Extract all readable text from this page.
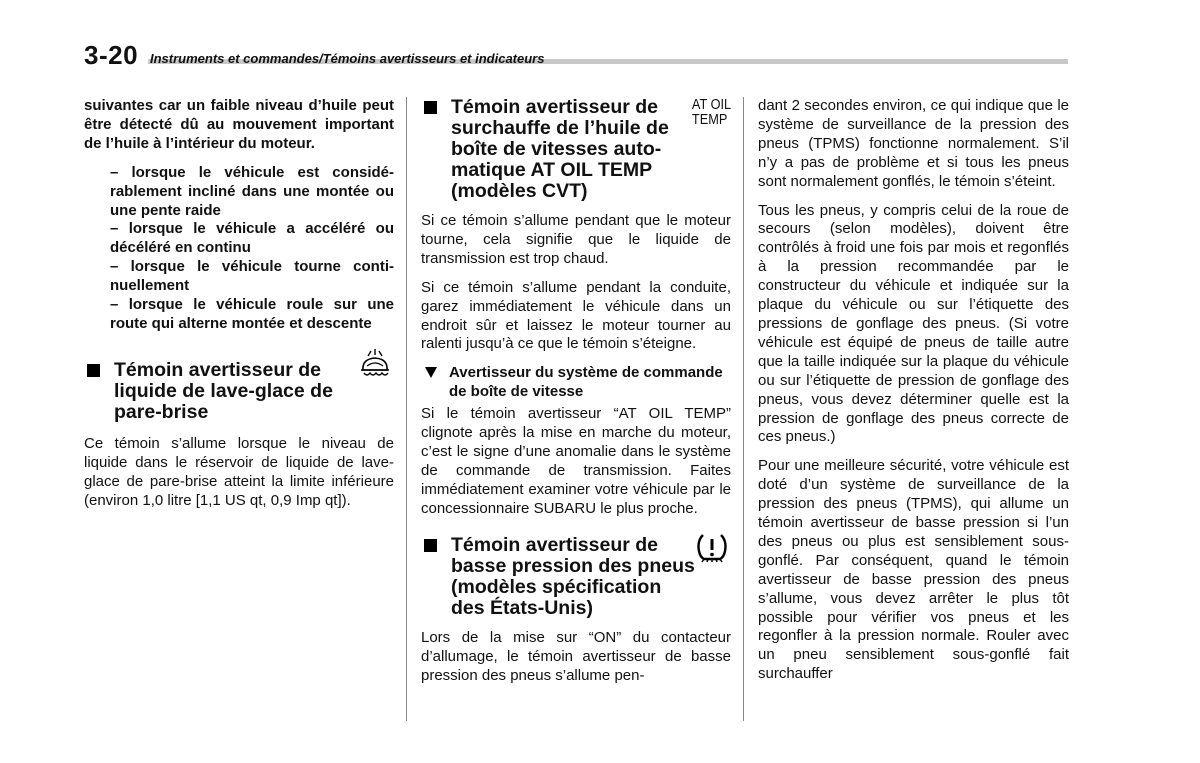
3-20 Instruments et commandes/Témoins avertisseurs et indicateurs

suivantes car un faible niveau d’huile peut être détecté dû au mouvement important de l’huile à l’intérieur du moteur.

– lorsque le véhicule est considérablement incliné dans une montée ou une pente raide
– lorsque le véhicule a accéléré ou décéléré en continu
– lorsque le véhicule tourne continuellement
– lorsque le véhicule roule sur une route qui alterne montée et descente
Témoin avertisseur de liquide de lave-glace de pare-brise

Ce témoin s’allume lorsque le niveau de liquide dans le réservoir de liquide de lave-glace de pare-brise atteint la limite inférieure (environ 1,0 litre [1,1 US qt, 0,9 Imp qt]).

Témoin avertisseur de surchauffe de l’huile de boîte de vitesses automatique AT OIL TEMP (modèles CVT)
AT OIL
TEMP

Si ce témoin s’allume pendant que le moteur tourne, cela signifie que le liquide de transmission est trop chaud.

Si ce témoin s’allume pendant la conduite, garez immédiatement le véhicule dans un endroit sûr et laissez le moteur tourner au ralenti jusqu’à ce que le témoin s’éteigne.

Avertisseur du système de commande de boîte de vitesse

Si le témoin avertisseur “AT OIL TEMP” clignote après la mise en marche du moteur, c’est le signe d’une anomalie dans le système de commande de transmission. Faites immédiatement examiner votre véhicule par le concessionnaire SUBARU le plus proche.

Témoin avertisseur de basse pression des pneus (modèles spécification des États-Unis)

Lors de la mise sur “ON” du contacteur d’allumage, le témoin avertisseur de basse pression des pneus s’allume pen-

dant 2 secondes environ, ce qui indique que le système de surveillance de la pression des pneus (TPMS) fonctionne normalement. S’il n’y a pas de problème et si tous les pneus sont normalement gonflés, le témoin s’éteint.

Tous les pneus, y compris celui de la roue de secours (selon modèles), doivent être contrôlés à froid une fois par mois et regonflés à la pression recommandée par le constructeur du véhicule et indiquée sur la plaque du véhicule ou sur l’étiquette des pressions de gonflage des pneus. (Si votre véhicule est équipé de pneus de taille autre que la taille indiquée sur la plaque du véhicule ou sur l’étiquette de pression de gonflage des pneus, vous devez déterminer quelle est la pression de gonflage des pneus correcte de ces pneus.)

Pour une meilleure sécurité, votre véhicule est doté d’un système de surveillance de la pression des pneus (TPMS), qui allume un témoin avertisseur de basse pression si l’un des pneus ou plus est sensiblement sous-gonflé. Par conséquent, quand le témoin avertisseur de basse pression des pneus s’allume, vous devez arrêter le plus tôt possible pour vérifier vos pneus et les regonfler à la pression normale. Rouler avec un pneu sensiblement sous-gonflé fait surchauffer
